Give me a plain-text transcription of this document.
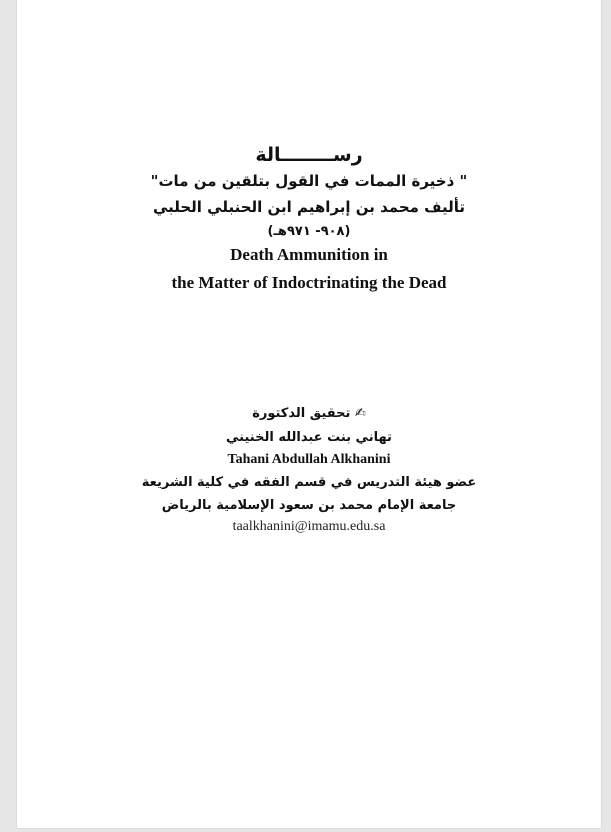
رســــــــالة
" ذخيرة الممات في القول بتلقين من مات"
تأليف محمد بن إبراهيم ابن الحنبلي الحلبي
(٩٠٨- ٩٧١هـ)
Death Ammunition in
the Matter of Indoctrinating the Dead
✍ تحقيق الدكتورة
تهاني بنت عبدالله الخنيني
Tahani Abdullah Alkhanini
عضو هيئة التدريس في قسم الفقه في كلية الشريعة
جامعة الإمام محمد بن سعود الإسلامية بالرياض
taalkhanini@imamu.edu.sa
